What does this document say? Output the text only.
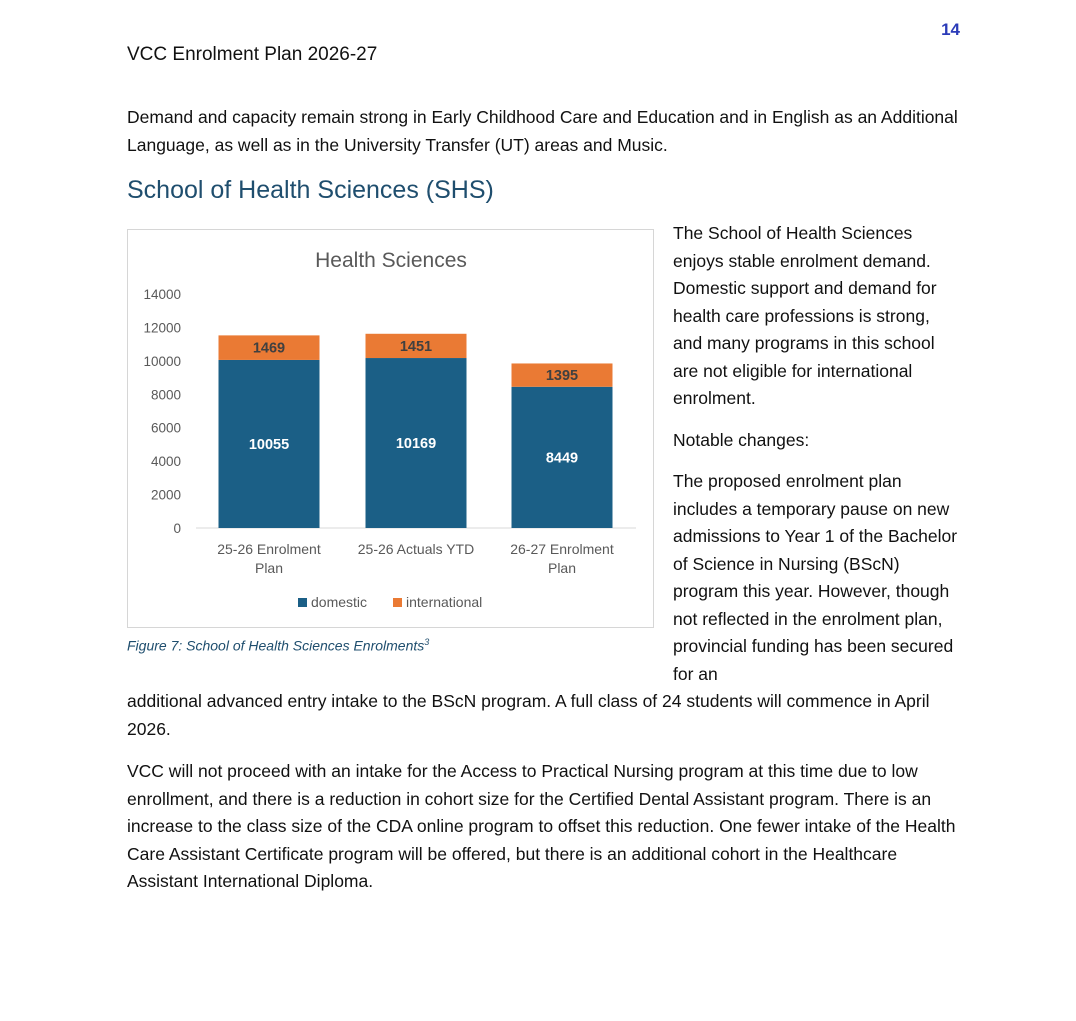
14
VCC Enrolment Plan 2026-27

Demand and capacity remain strong in Early Childhood Care and Education and in English as an Additional Language, as well as in the University Transfer (UT) areas and Music.

School of Health Sciences (SHS)
Health Sciences
0
2000
4000
6000
8000
10000
12000
14000
10055
1469
25-26 Enrolment
Plan
10169
1451
25-26 Actuals YTD
8449
1395
26-27 Enrolment
Plan
domestic	international
Figure 7: School of Health Sciences Enrolments$^3$

The School of Health Sciences enjoys stable enrolment demand. Domestic support and demand for health care professions is strong, and many programs in this school are not eligible for international enrolment.

Notable changes:

The proposed enrolment plan includes a temporary pause on new admissions to Year 1 of the Bachelor of Science in Nursing (BScN) program this year. However, though not reflected in the enrolment plan, provincial funding has been secured for an

additional advanced entry intake to the BScN program. A full class of 24 students will commence in April 2026.

VCC will not proceed with an intake for the Access to Practical Nursing program at this time due to low enrollment, and there is a reduction in cohort size for the Certified Dental Assistant program. There is an increase to the class size of the CDA online program to offset this reduction. One fewer intake of the Health Care Assistant Certificate program will be offered, but there is an additional cohort in the Healthcare Assistant International Diploma.
